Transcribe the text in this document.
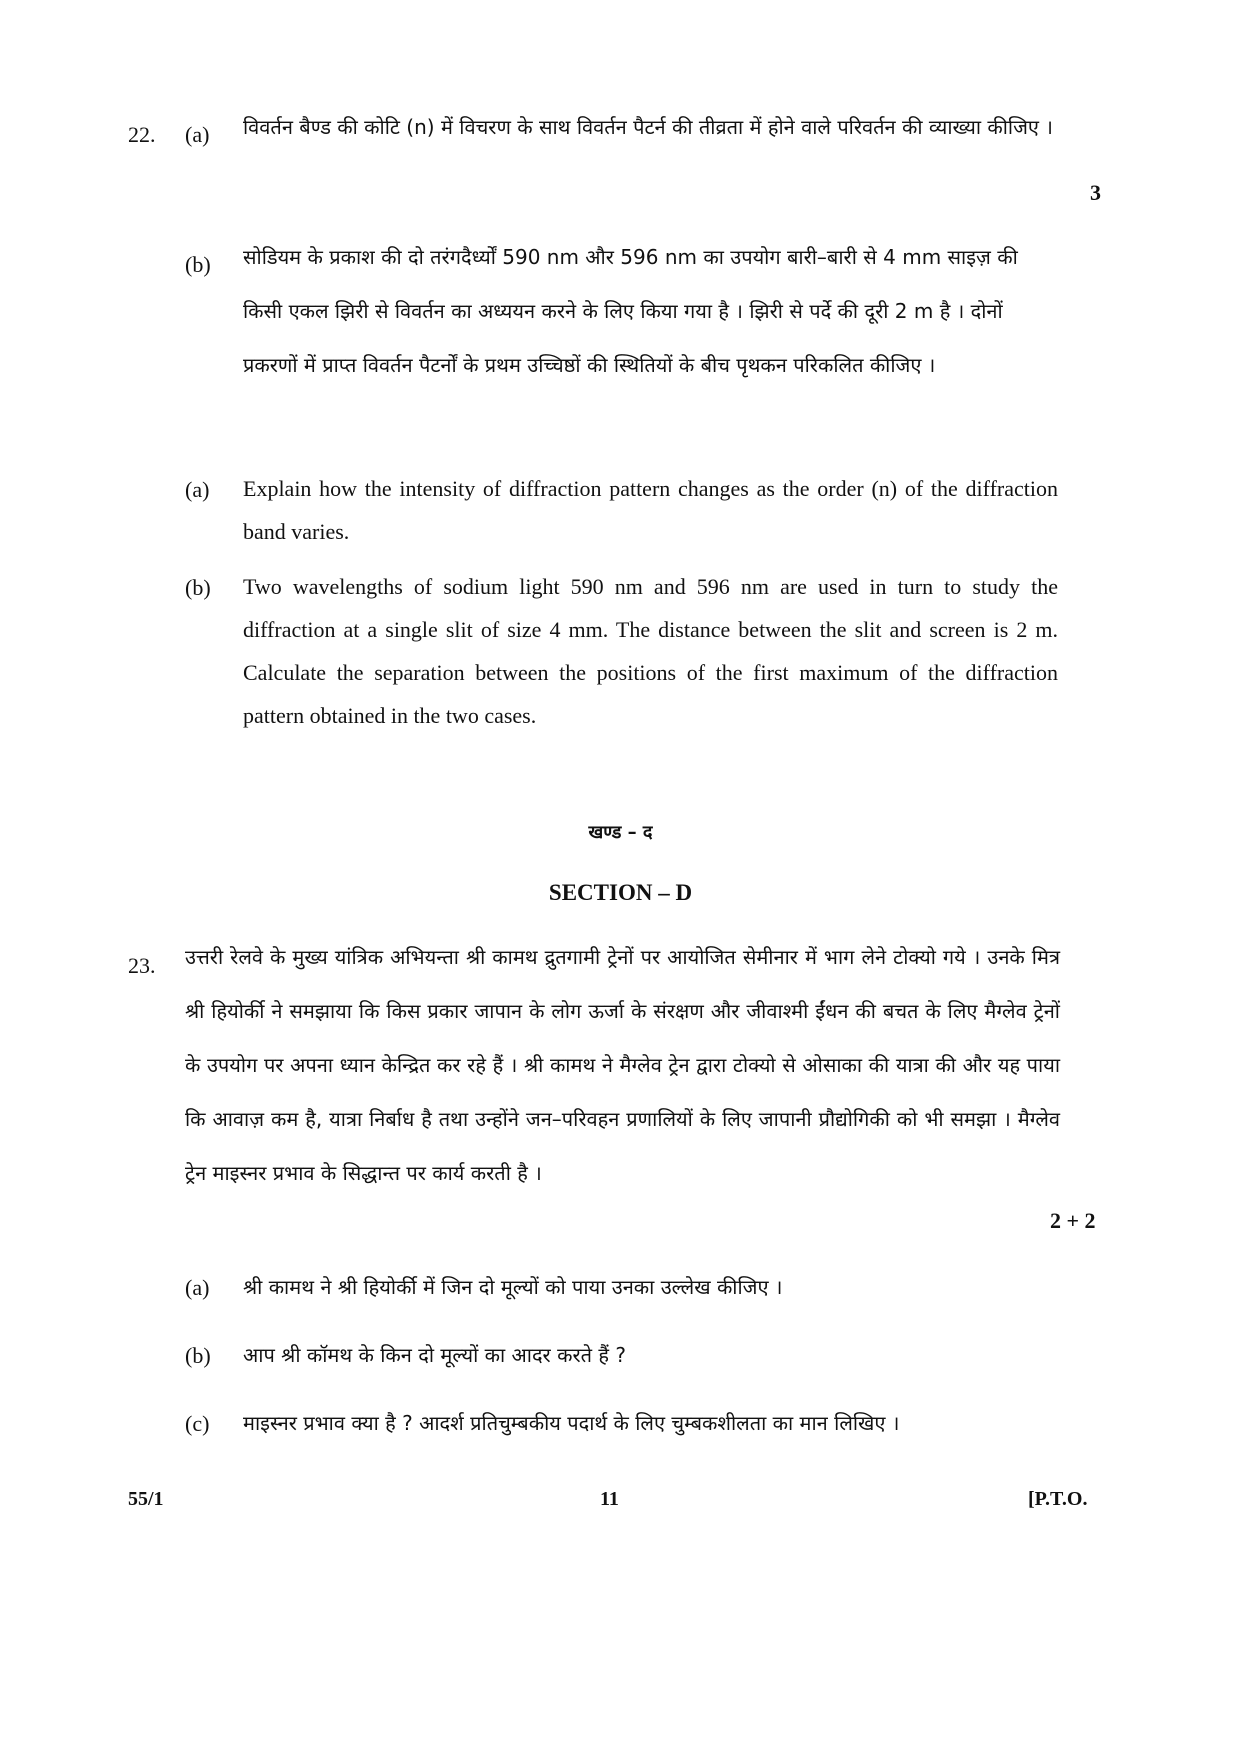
22. (a) विवर्तन बैण्ड की कोटि (n) में विचरण के साथ विवर्तन पैटर्न की तीव्रता में होने वाले परिवर्तन की व्याख्या कीजिए ।
3
(b) सोडियम के प्रकाश की दो तरंगदैर्ध्यों 590 nm और 596 nm का उपयोग बारी–बारी से 4 mm साइज़ की किसी एकल झिरी से विवर्तन का अध्ययन करने के लिए किया गया है । झिरी से पर्दे की दूरी 2 m है । दोनों प्रकरणों में प्राप्त विवर्तन पैटर्नों के प्रथम उच्चिष्ठों की स्थितियों के बीच पृथकन परिकलित कीजिए ।
(a) Explain how the intensity of diffraction pattern changes as the order (n) of the diffraction band varies.
(b) Two wavelengths of sodium light 590 nm and 596 nm are used in turn to study the diffraction at a single slit of size 4 mm. The distance between the slit and screen is 2 m. Calculate the separation between the positions of the first maximum of the diffraction pattern obtained in the two cases.
खण्ड – द
SECTION – D
23. उत्तरी रेलवे के मुख्य यांत्रिक अभियन्ता श्री कामथ द्रुतगामी ट्रेनों पर आयोजित सेमीनार में भाग लेने टोक्यो गये । उनके मित्र श्री हियोर्की ने समझाया कि किस प्रकार जापान के लोग ऊर्जा के संरक्षण और जीवाश्मी ईंधन की बचत के लिए मैग्लेव ट्रेनों के उपयोग पर अपना ध्यान केन्द्रित कर रहे हैं । श्री कामथ ने मैग्लेव ट्रेन द्वारा टोक्यो से ओसाका की यात्रा की और यह पाया कि आवाज़ कम है, यात्रा निर्बाध है तथा उन्होंने जन–परिवहन प्रणालियों के लिए जापानी प्रौद्योगिकी को भी समझा । मैग्लेव ट्रेन माइस्नर प्रभाव के सिद्धान्त पर कार्य करती है ।
2 + 2
(a) श्री कामथ ने श्री हियोर्की में जिन दो मूल्यों को पाया उनका उल्लेख कीजिए ।
(b) आप श्री कॉमथ के किन दो मूल्यों का आदर करते हैं ?
(c) माइस्नर प्रभाव क्या है ? आदर्श प्रतिचुम्बकीय पदार्थ के लिए चुम्बकशीलता का मान लिखिए ।
55/1	11	[P.T.O.
